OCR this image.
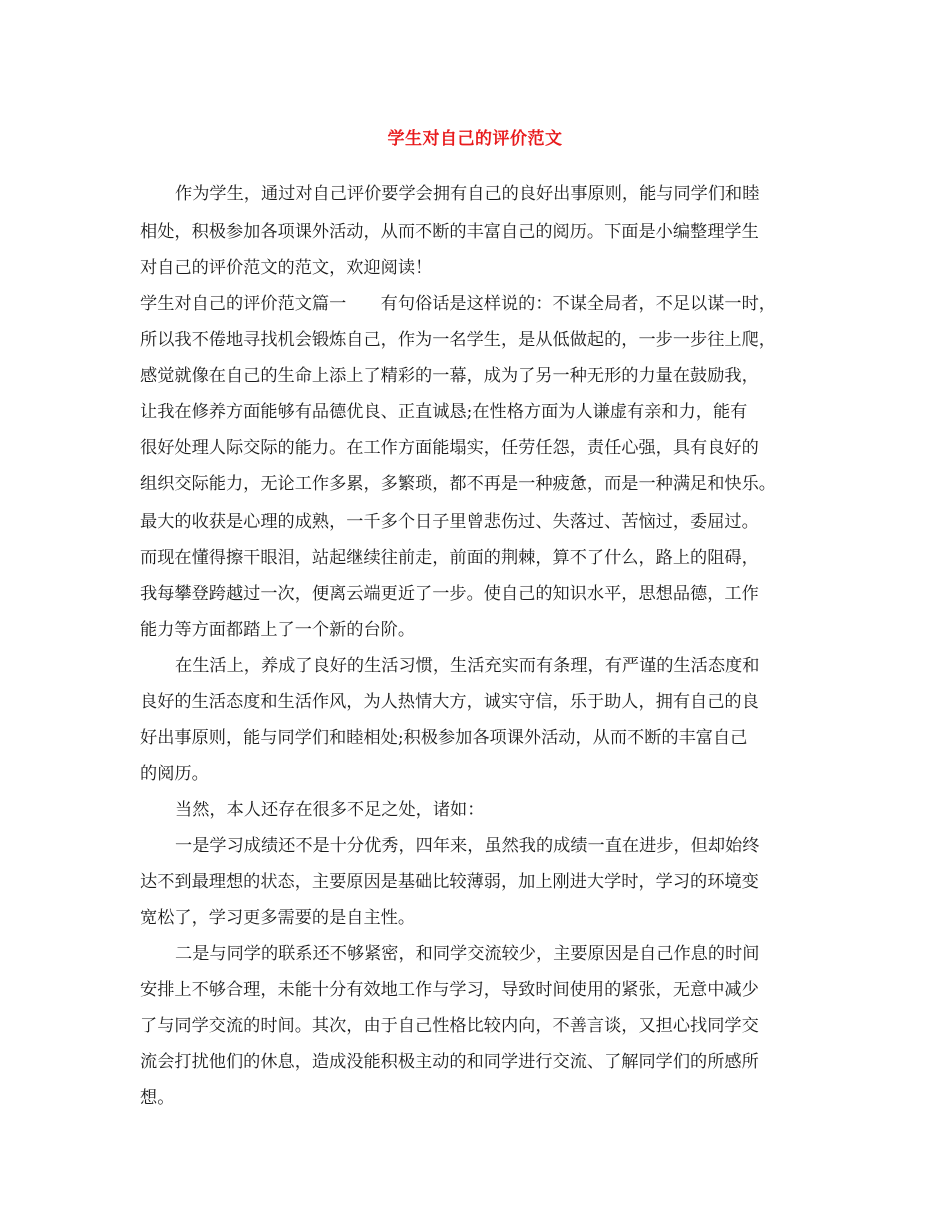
学生对自己的评价范文
作为学生，通过对自己评价要学会拥有自己的良好出事原则，能与同学们和睦
相处，积极参加各项课外活动，从而不断的丰富自己的阅历。下面是小编整理学生
对自己的评价范文的范文，欢迎阅读！
学生对自己的评价范文篇一　　有句俗话是这样说的：不谋全局者，不足以谋一时，
所以我不倦地寻找机会锻炼自己，作为一名学生，是从低做起的，一步一步往上爬，
感觉就像在自己的生命上添上了精彩的一幕，成为了另一种无形的力量在鼓励我，
让我在修养方面能够有品德优良、正直诚恳;在性格方面为人谦虚有亲和力，能有
很好处理人际交际的能力。在工作方面能塌实，任劳任怨，责任心强，具有良好的
组织交际能力，无论工作多累，多繁琐，都不再是一种疲惫，而是一种满足和快乐。
最大的收获是心理的成熟，一千多个日子里曾悲伤过、失落过、苦恼过，委屈过。
而现在懂得擦干眼泪，站起继续往前走，前面的荆棘，算不了什么，路上的阻碍，
我每攀登跨越过一次，便离云端更近了一步。使自己的知识水平，思想品德，工作
能力等方面都踏上了一个新的台阶。
在生活上，养成了良好的生活习惯，生活充实而有条理，有严谨的生活态度和
良好的生活态度和生活作风，为人热情大方，诚实守信，乐于助人，拥有自己的良
好出事原则，能与同学们和睦相处;积极参加各项课外活动，从而不断的丰富自己
的阅历。
当然，本人还存在很多不足之处，诸如：
一是学习成绩还不是十分优秀，四年来，虽然我的成绩一直在进步，但却始终
达不到最理想的状态，主要原因是基础比较薄弱，加上刚进大学时，学习的环境变
宽松了，学习更多需要的是自主性。
二是与同学的联系还不够紧密，和同学交流较少，主要原因是自己作息的时间
安排上不够合理，未能十分有效地工作与学习，导致时间使用的紧张，无意中减少
了与同学交流的时间。其次，由于自己性格比较内向，不善言谈，又担心找同学交
流会打扰他们的休息，造成没能积极主动的和同学进行交流、了解同学们的所感所
想。
